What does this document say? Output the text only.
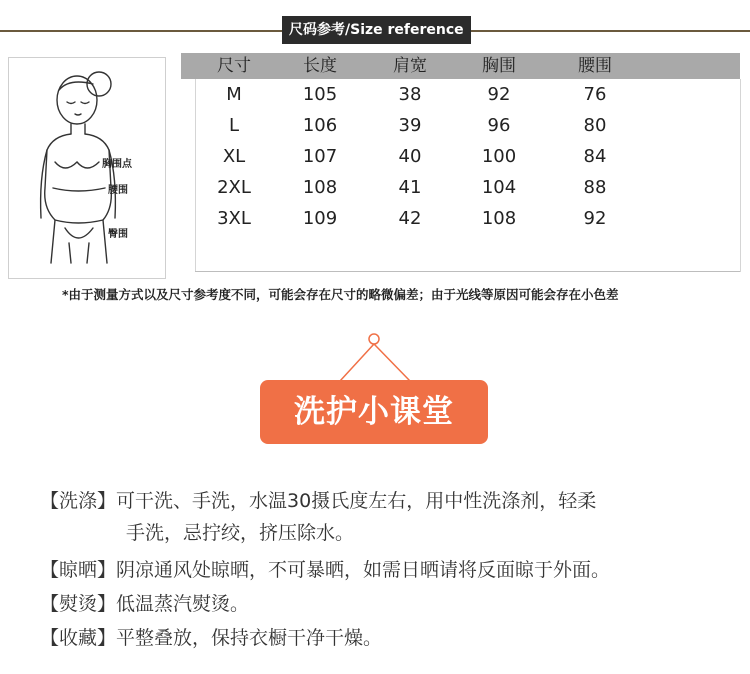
尺码参考/Size reference
胸围点
腰围
臀围
尺寸	长度	肩宽	胸围	腰围
M	105	38	92	76
L	106	39	96	80
XL	107	40	100	84
2XL	108	41	104	88
3XL	109	42	108	92
*由于测量方式以及尺寸参考度不同，可能会存在尺寸的略微偏差；由于光线等原因可能会存在小色差
洗护小课堂
【洗涤】可干洗、手洗，水温30摄氏度左右，用中性洗涤剂，轻柔
手洗，忌拧绞，挤压除水。
【晾晒】阴凉通风处晾晒，不可暴晒，如需日晒请将反面晾于外面。
【熨烫】低温蒸汽熨烫。
【收藏】平整叠放，保持衣橱干净干燥。
